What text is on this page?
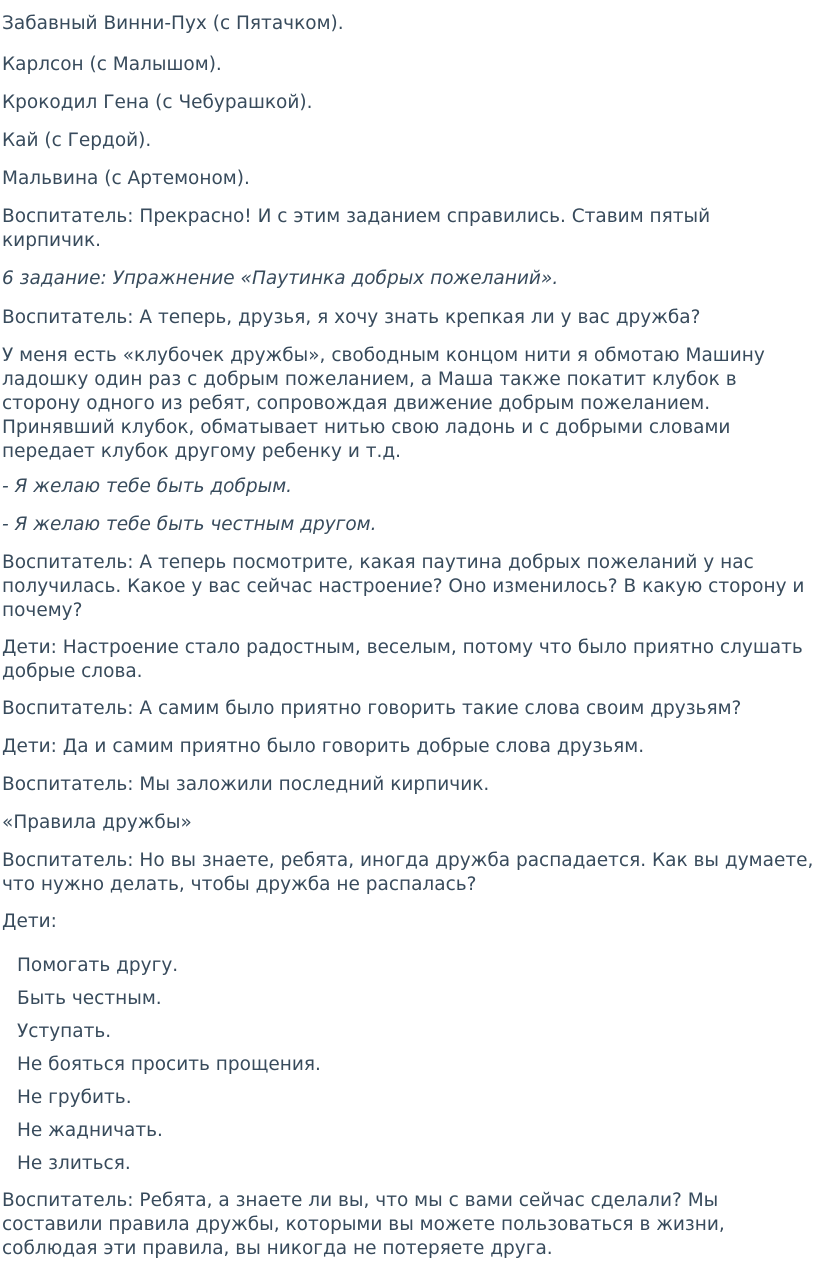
Забавный Винни-Пух (с Пятачком).

Карлсон (с Малышом).

Крокодил Гена (с Чебурашкой).

Кай (с Гердой).

Мальвина (с Артемоном).

Воспитатель: Прекрасно! И с этим заданием справились. Ставим пятый кирпичик.

6 задание: Упражнение «Паутинка добрых пожеланий».

Воспитатель: А теперь, друзья, я хочу знать крепкая ли у вас дружба?

У меня есть «клубочек дружбы», свободным концом нити я обмотаю Машину ладошку один раз с добрым пожеланием, а Маша также покатит клубок в сторону одного из ребят, сопровождая движение добрым пожеланием. Принявший клубок, обматывает нитью свою ладонь и с добрыми словами передает клубок другому ребенку и т.д.

- Я желаю тебе быть добрым.

- Я желаю тебе быть честным другом.

Воспитатель: А теперь посмотрите, какая паутина добрых пожеланий у нас получилась. Какое у вас сейчас настроение? Оно изменилось? В какую сторону и почему?

Дети: Настроение стало радостным, веселым, потому что было приятно слушать добрые слова.

Воспитатель: А самим было приятно говорить такие слова своим друзьям?

Дети: Да и самим приятно было говорить добрые слова друзьям.

Воспитатель: Мы заложили последний кирпичик.

«Правила дружбы»

Воспитатель: Но вы знаете, ребята, иногда дружба распадается. Как вы думаете, что нужно делать, чтобы дружба не распалась?

Дети:

Помогать другу.

Быть честным.

Уступать.

Не бояться просить прощения.

Не грубить.

Не жадничать.

Не злиться.

Воспитатель: Ребята, а знаете ли вы, что мы с вами сейчас сделали? Мы составили правила дружбы, которыми вы можете пользоваться в жизни, соблюдая эти правила, вы никогда не потеряете друга.
